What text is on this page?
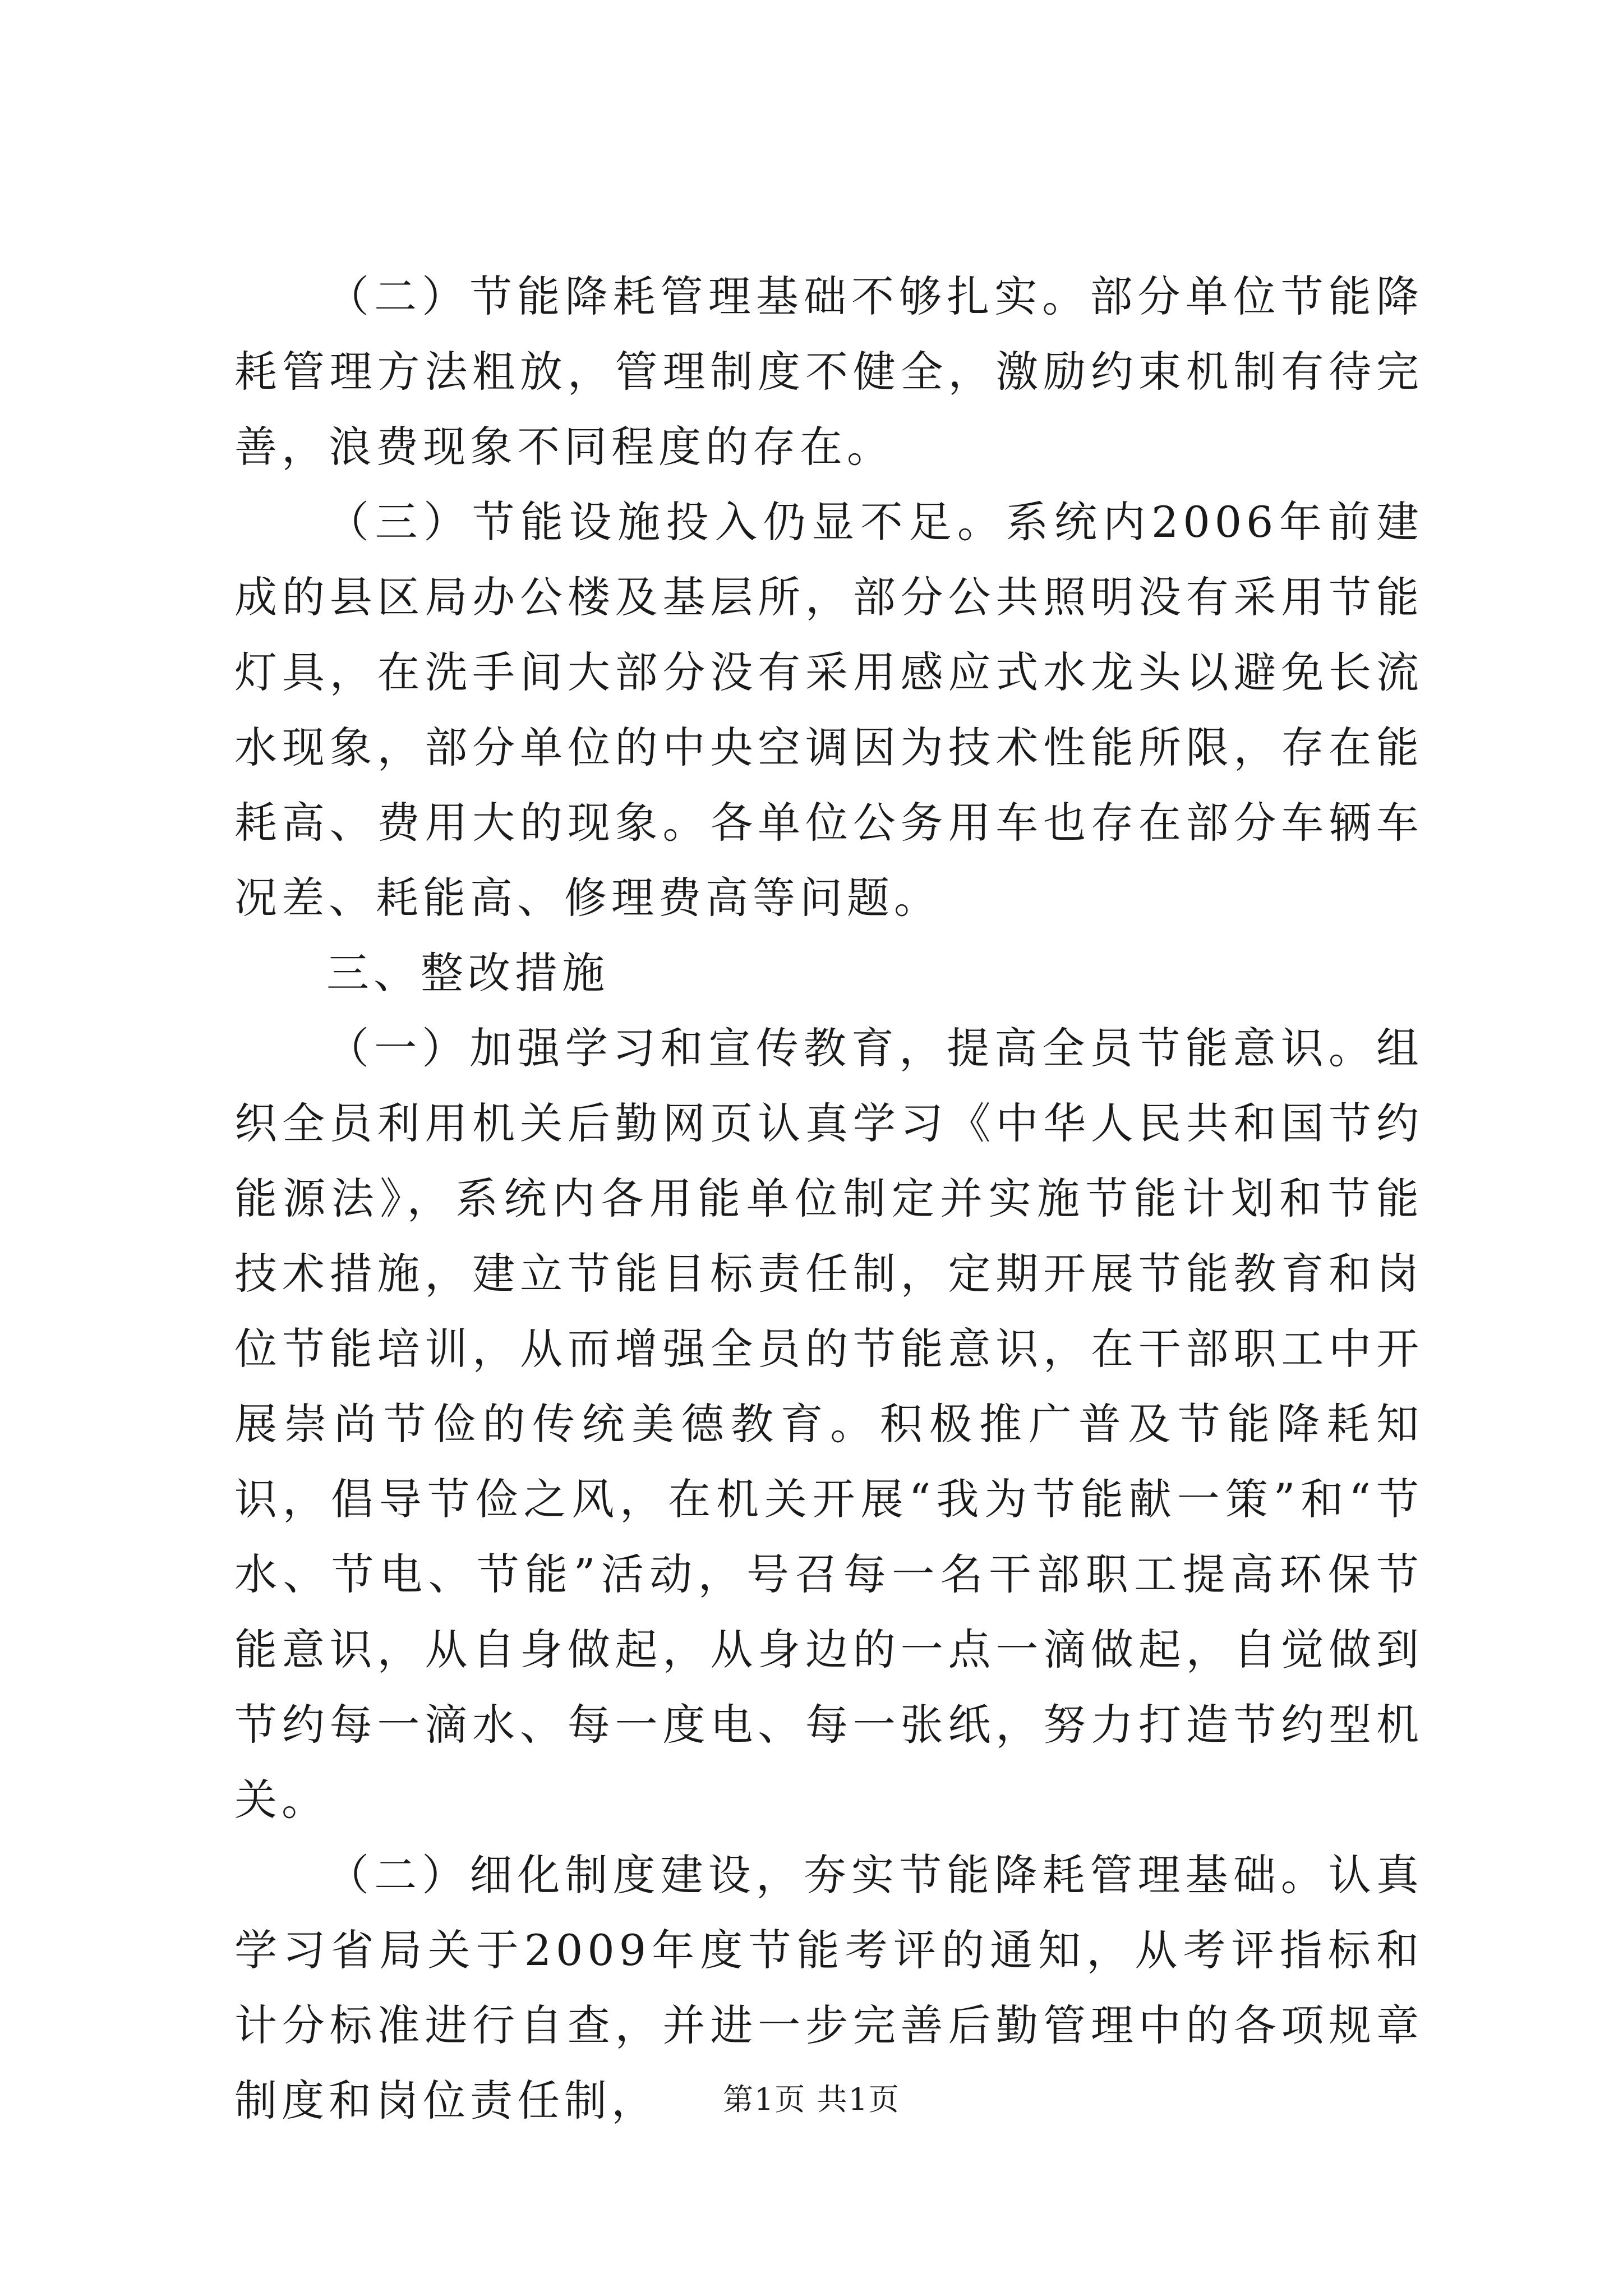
（二）节能降耗管理基础不够扎实。部分单位节能降耗管理方法粗放，管理制度不健全，激励约束机制有待完善，浪费现象不同程度的存在。

（三）节能设施投入仍显不足。系统内2006年前建成的县区局办公楼及基层所，部分公共照明没有采用节能灯具，在洗手间大部分没有采用感应式水龙头以避免长流水现象，部分单位的中央空调因为技术性能所限，存在能耗高、费用大的现象。各单位公务用车也存在部分车辆车况差、耗能高、修理费高等问题。

三、整改措施

（一）加强学习和宣传教育，提高全员节能意识。组织全员利用机关后勤网页认真学习《中华人民共和国节约能源法》，系统内各用能单位制定并实施节能计划和节能技术措施，建立节能目标责任制，定期开展节能教育和岗位节能培训，从而增强全员的节能意识，在干部职工中开展崇尚节俭的传统美德教育。积极推广普及节能降耗知识，倡导节俭之风，在机关开展“我为节能献一策”和“节水、节电、节能”活动，号召每一名干部职工提高环保节能意识，从自身做起，从身边的一点一滴做起，自觉做到节约每一滴水、每一度电、每一张纸，努力打造节约型机关。

（二）细化制度建设，夯实节能降耗管理基础。认真学习省局关于2009年度节能考评的通知，从考评指标和计分标准进行自查，并进一步完善后勤管理中的各项规章制度和岗位责任制，	第1页 共1页
